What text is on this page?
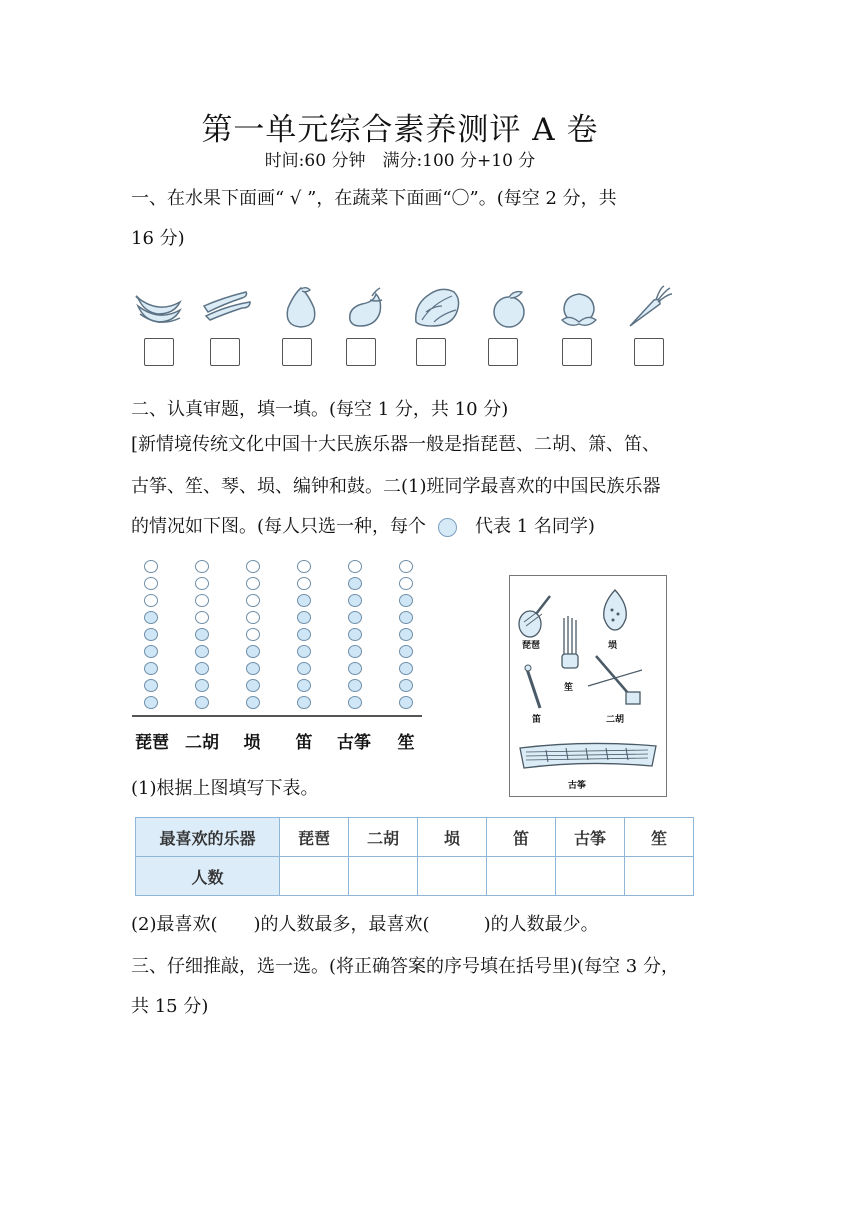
第一单元综合素养测评 A 卷
时间:60 分钟　满分:100 分+10 分
一、在水果下面画“ √ ”，在蔬菜下面画“〇”。(每空 2 分，共
16 分)
二、认真审题，填一填。(每空 1 分，共 10 分)
[新情境传统文化中国十大民族乐器一般是指琵琶、二胡、箫、笛、
古筝、笙、琴、埙、编钟和鼓。二(1)班同学最喜欢的中国民族乐器
的情况如下图。(每人只选一种，每个	代表 1 名同学)
琵琶 二胡	埙	笛	古筝	笙
琵琶	埙
笙
笛	二胡
古筝
(1)根据上图填写下表。
最喜欢的乐器	琵琶	二胡	埙	笛	古筝	笙
人数						
(2)最喜欢(　　)的人数最多，最喜欢(　　　)的人数最少。
三、仔细推敲，选一选。(将正确答案的序号填在括号里)(每空 3 分，
共 15 分)
